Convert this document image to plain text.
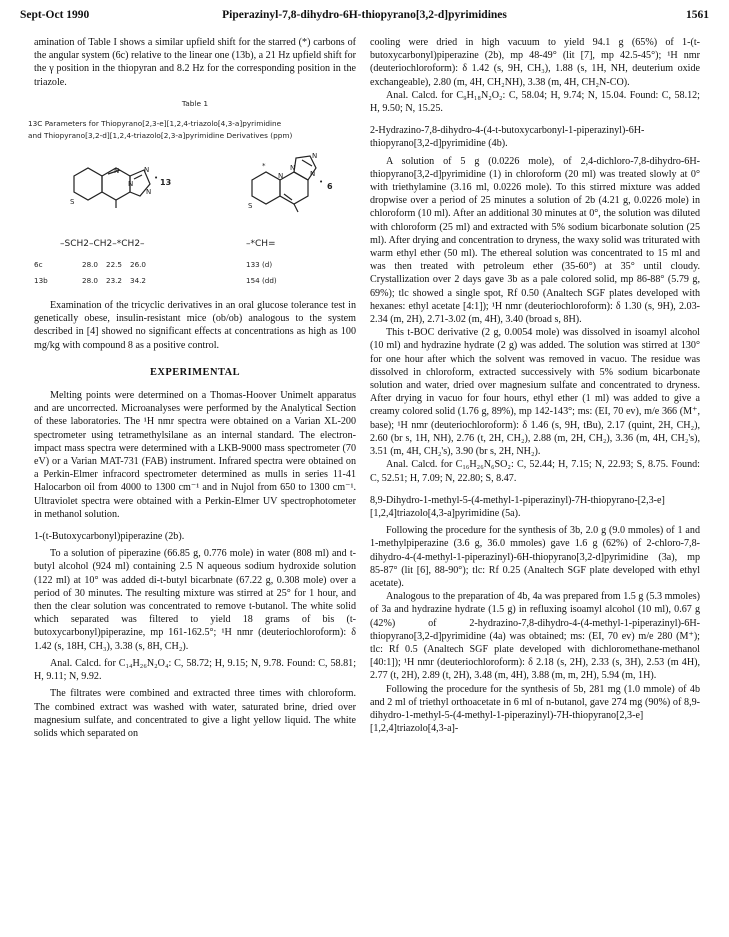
Sept-Oct 1990	Piperazinyl-7,8-dihydro-6H-thiopyrano[3,2-d]pyrimidines	1561

amination of Table I shows a similar upfield shift for the starred (*) carbons of the angular system (6c) relative to the linear one (13b), a 21 Hz upfield shift for the γ position in the thiopyran and 8.2 Hz for the corresponding position in the triazole.

Table 1
13C Parameters for Thiopyrano[2,3-e][1,2,4-triazolo[4,3-a]pyrimidine
and Thiopyrano[3,2-d][1,2,4-triazolo[2,3-a]pyrimidine Derivatives (ppm)
S
N
N
N
N
S
N
N
N
N
*
•	•
13	6
–SCH2–CH2–*CH2–	–*CH=
6c	28.0 22.5 26.0	133 (d)
13b	28.0 23.2 34.2	154 (dd)

Examination of the tricyclic derivatives in an oral glucose tolerance test in genetically obese, insulin-resistant mice (ob/ob) analogous to the system described in [4] showed no significant effects at concentrations as high as 100 mg/kg with compound 8 as a positive control.

EXPERIMENTAL

Melting points were determined on a Thomas-Hoover Unimelt apparatus and are uncorrected. Microanalyses were performed by the Analytical Section of these laboratories. The ¹H nmr spectra were obtained on a Varian XL-200 spectrometer using tetramethylsilane as an internal standard. The electron-impact mass spectra were determined with a LKB-9000 mass spectrometer (70 eV) or a Varian MAT-731 (FAB) instrument. Infrared spectra were obtained on a Perkin-Elmer infracord spectrometer determined as mulls in series 11-41 Halocarbon oil from 4000 to 1300 cm⁻¹ and in Nujol from 650 to 1300 cm⁻¹. Ultraviolet spectra were obtained with a Perkin-Elmer UV spectrophotometer in methanol solution.

1-(t-Butoxycarbonyl)piperazine (2b).

To a solution of piperazine (66.85 g, 0.776 mole) in water (808 ml) and t-butyl alcohol (924 ml) containing 2.5 N aqueous sodium hydroxide solution (122 ml) at 10° was added di-t-butyl bicarbnate (67.22 g, 0.308 mole) over a period of 30 minutes. The resulting mixture was stirred at 25° for 1 hour, and then the clear solution was concentrated to remove t-butanol. The white solid which separated was filtered to yield 18 grams of bis (t-butoxycarbonyl)piperazine, mp 161-162.5°; ¹H nmr (deuteriochloroform): δ 1.42 (s, 18H, CH₃), 3.38 (s, 8H, CH₂).

Anal. Calcd. for C₁₄H₂₆N₂O₄: C, 58.72; H, 9.15; N, 9.78. Found: C, 58.81; H, 9.11; N, 9.92.

The filtrates were combined and extracted three times with chloroform. The combined extract was washed with water, saturated brine, dried over magnesium sulfate, and concentrated to give a light yellow liquid. The white solids which separated on

cooling were dried in high vacuum to yield 94.1 g (65%) of 1-(t-butoxycarbonyl)piperazine (2b), mp 48-49° (lit [7], mp 42.5-45°); ¹H nmr (deuteriochloroform): δ 1.42 (s, 9H, CH₃), 1.88 (s, 1H, NH, deuterium oxide exchangeable), 2.80 (m, 4H, CH₂NH), 3.38 (m, 4H, CH₂N-CO).

Anal. Calcd. for C₉H₁₈N₂O₂: C, 58.04; H, 9.74; N, 15.04. Found: C, 58.12; H, 9.50; N, 15.25.

2-Hydrazino-7,8-dihydro-4-(4-t-butoxycarbonyl-1-piperazinyl)-6H-thiopyrano[3,2-d]pyrimidine (4b).

A solution of 5 g (0.0226 mole), of 2,4-dichloro-7,8-dihydro-6H-thiopyrano[3,2-d]pyrimidine (1) in chloroform (20 ml) was treated slowly at 0° with triethylamine (3.16 ml, 0.0226 mole). To this stirred mixture was added dropwise over a period of 25 minutes a solution of 2b (4.21 g, 0.0226 mole) in chloroform (10 ml). After an additional 30 minutes at 0°, the solution was diluted with chloroform (25 ml) and extracted with 5% sodium bicarbonate solution (25 ml). After drying and concentration to dryness, the waxy solid was triturated with warm ethyl ether (50 ml). The ethereal solution was concentrated to 15 ml and was then treated with petroleum ether (35-60°) at 35° until cloudy. Crystallization over 2 days gave 3b as a pale colored solid, mp 86-88° (5.79 g, 69%); tlc showed a single spot, Rf 0.50 (Analtech SGF plates developed with hexanes: ethyl acetate [4:1]); ¹H nmr (deuteriochloroform): δ 1.30 (s, 9H), 2.03-2.34 (m, 2H), 2.71-3.02 (m, 4H), 3.40 (broad s, 8H).

This t-BOC derivative (2 g, 0.0054 mole) was dissolved in isoamyl alcohol (10 ml) and hydrazine hydrate (2 g) was added. The solution was stirred at 130° for one hour after which the solvent was removed in vacuo. The residue was dissolved in chloroform, extracted successively with 5% sodium bicarbonate solution and water, dried over magnesium sulfate and concentrated to dryness. After drying in vacuo for four hours, ethyl ether (1 ml) was added to give a creamy colored solid (1.76 g, 89%), mp 142-143°; ms: (EI, 70 ev), m/e 366 (M⁺, base); ¹H nmr (deuteriochloroform): δ 1.46 (s, 9H, tBu), 2.17 (quint, 2H, CH₂), 2.60 (br s, 1H, NH), 2.76 (t, 2H, CH₂), 2.88 (m, 2H, CH₂), 3.36 (m, 4H, CH₂'s), 3.51 (m, 4H, CH₂'s), 3.90 (br s, 2H, NH₂).

Anal. Calcd. for C₁₆H₂₆N₆SO₂: C, 52.44; H, 7.15; N, 22.93; S, 8.75. Found: C, 52.51; H, 7.09; N, 22.80; S, 8.47.

8,9-Dihydro-1-methyl-5-(4-methyl-1-piperazinyl)-7H-thiopyrano-[2,3-e][1,2,4]triazolo[4,3-a]pyrimidine (5a).

Following the procedure for the synthesis of 3b, 2.0 g (9.0 mmoles) of 1 and 1-methylpiperazine (3.6 g, 36.0 mmoles) gave 1.6 g (62%) of 2-chloro-7,8-dihydro-4-(4-methyl-1-piperazinyl)-6H-thiopyrano[3,2-d]pyrimidine (3a), mp 85-87° (lit [6], 88-90°); tlc: Rf 0.25 (Analtech SGF plate developed with ethyl acetate).

Analogous to the preparation of 4b, 4a was prepared from 1.5 g (5.3 mmoles) of 3a and hydrazine hydrate (1.5 g) in refluxing isoamyl alcohol (10 ml), 0.67 g (42%) of 2-hydrazino-7,8-dihydro-4-(4-methyl-1-piperazinyl)-6H-thiopyrano[3,2-d]pyrimidine (4a) was obtained; ms: (EI, 70 ev) m/e 280 (M⁺); tlc: Rf 0.5 (Analtech SGF plate developed with dichloromethane-methanol [40:1]); ¹H nmr (deuteriochloroform): δ 2.18 (s, 2H), 2.33 (s, 3H), 2.53 (m 4H), 2.77 (t, 2H), 2.89 (t, 2H), 3.48 (m, 4H), 3.88 (m, m, 2H), 5.94 (m, 1H).

Following the procedure for the synthesis of 5b, 281 mg (1.0 mmole) of 4b and 2 ml of triethyl orthoacetate in 6 ml of n-butanol, gave 274 mg (90%) of 8,9-dihydro-1-methyl-5-(4-methyl-1-piperazinyl)-7H-thiopyrano[2,3-e][1,2,4]triazolo[4,3-a]-
